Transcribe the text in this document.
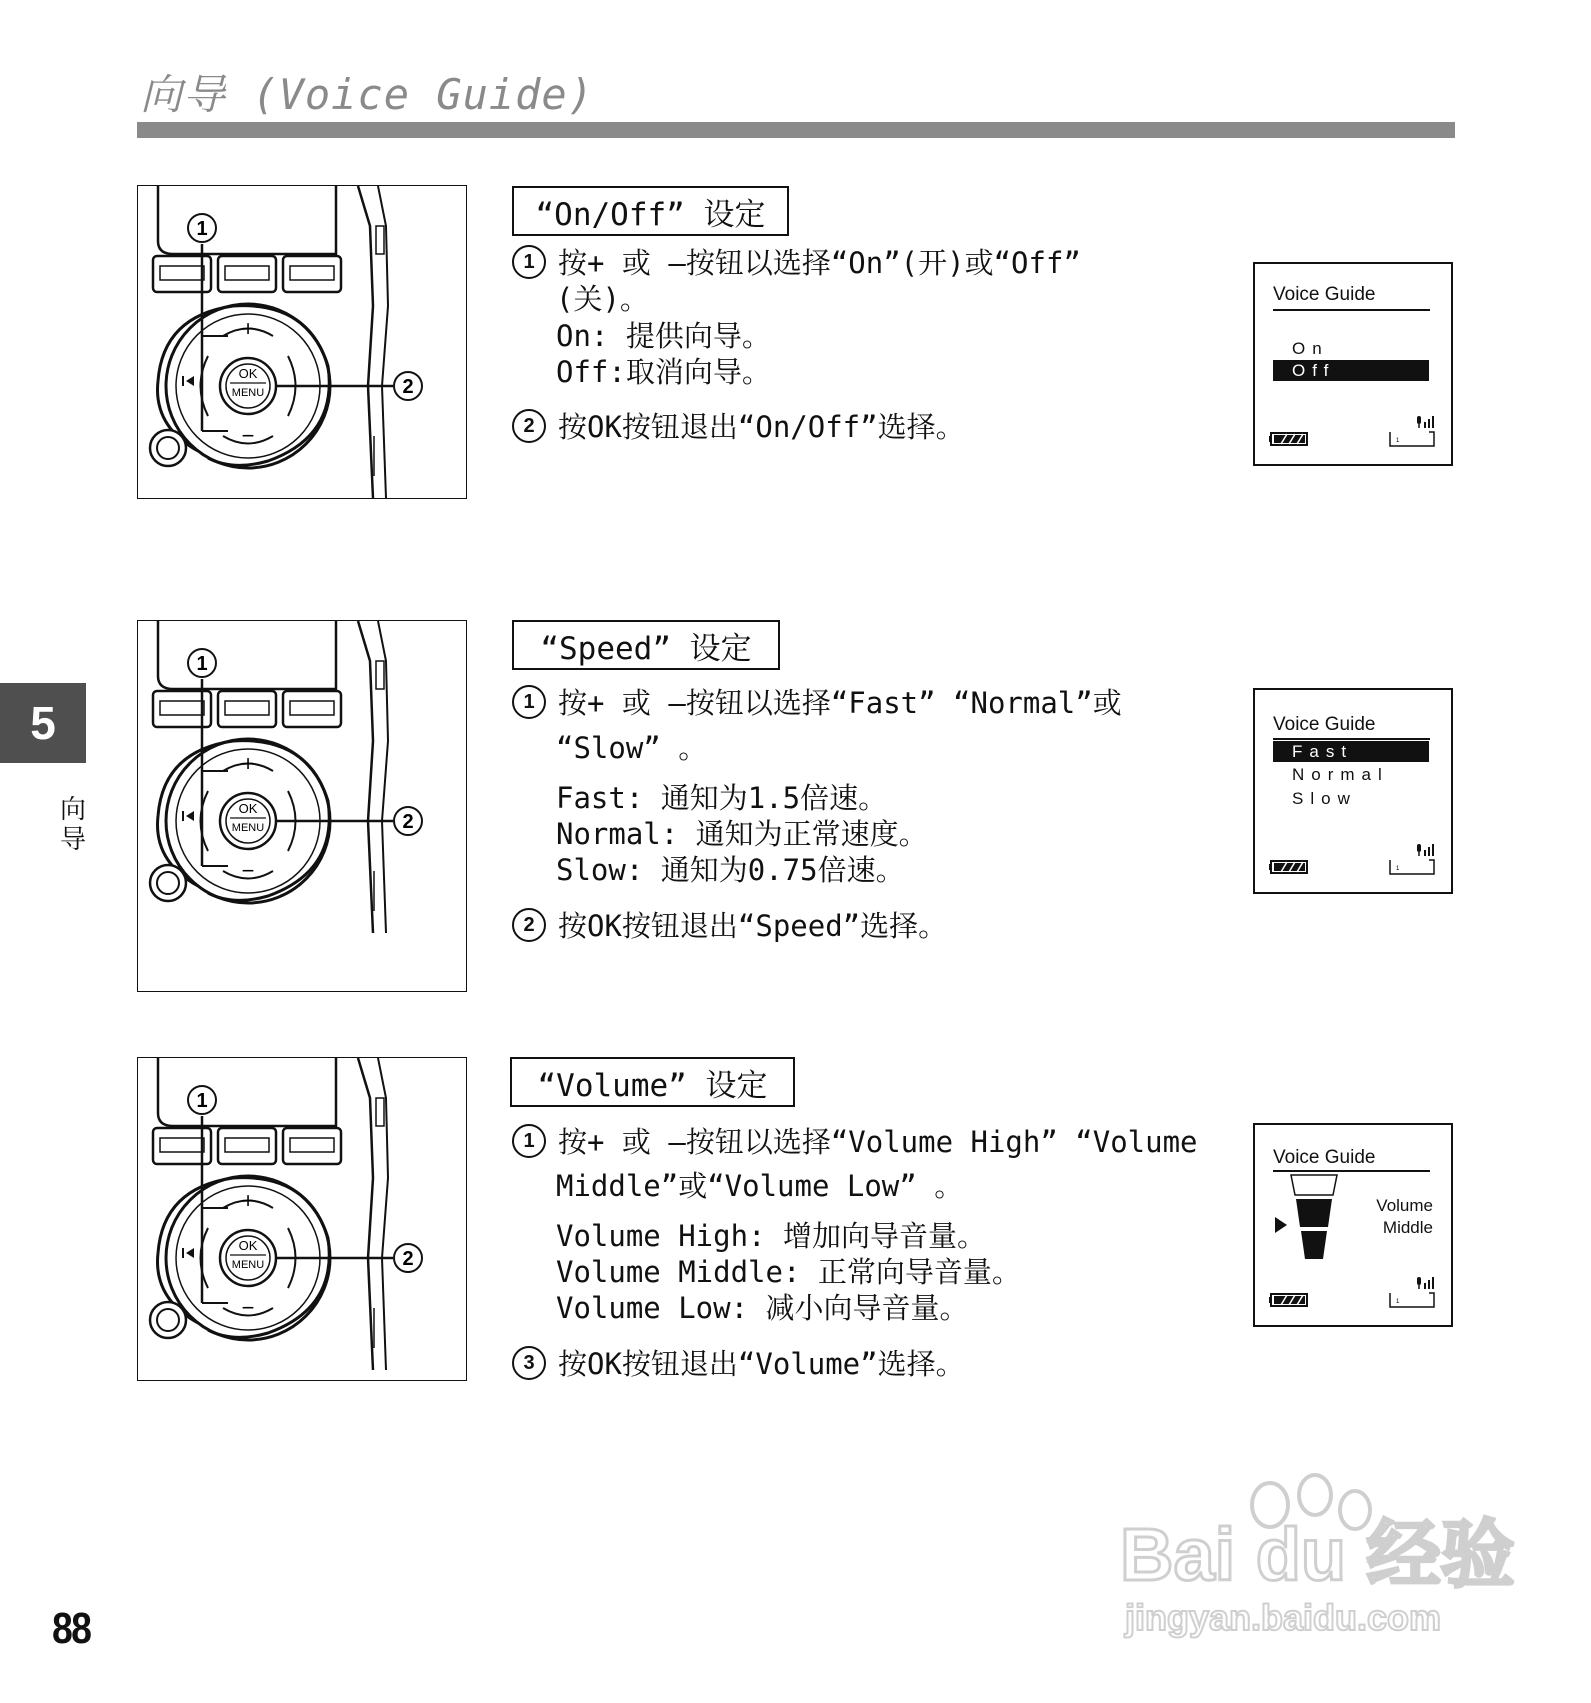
向导 (Voice Guide)
5
向
导
OK
MENU
+
−
1
2
“On/Off” 设定
1 按+ 或 —按钮以选择“On”(开)或“Off”
(关)。
On: 提供向导。
Off:取消向导。
2 按OK按钮退出“On/Off”选择。
Voice Guide
On
Off
1
OK
MENU
+
−
1
2
“Speed” 设定
1 按+ 或 —按钮以选择“Fast” “Normal”或
“Slow” 。
Fast: 通知为1.5倍速。
Normal: 通知为正常速度。
Slow: 通知为0.75倍速。
2 按OK按钮退出“Speed”选择。
Voice Guide
Fast
Normal
Slow
1
OK
MENU
+
−
1
2
“Volume” 设定
1 按+ 或 —按钮以选择“Volume High” “Volume
Middle”或“Volume Low” 。
Volume High: 增加向导音量。
Volume Middle: 正常向导音量。
Volume Low: 减小向导音量。
3 按OK按钮退出“Volume”选择。
Voice Guide
Volume
Middle
1
88
Bai du 经验
jingyan.baidu.com
